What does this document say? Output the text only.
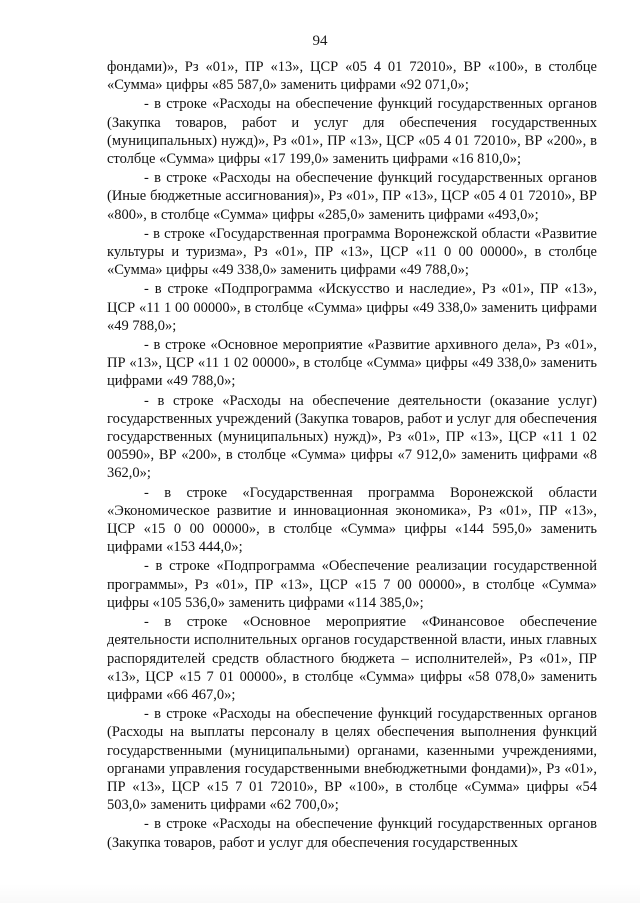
94

фондами)», Рз «01», ПР «13», ЦСР «05 4 01 72010», ВР «100», в столбце «Сумма» цифры «85 587,0» заменить цифрами «92 071,0»;

- в строке «Расходы на обеспечение функций государственных органов (Закупка товаров, работ и услуг для обеспечения государственных (муниципальных) нужд)», Рз «01», ПР «13», ЦСР «05 4 01 72010», ВР «200», в столбце «Сумма» цифры «17 199,0» заменить цифрами «16 810,0»;

- в строке «Расходы на обеспечение функций государственных органов (Иные бюджетные ассигнования)», Рз «01», ПР «13», ЦСР «05 4 01 72010», ВР «800», в столбце «Сумма» цифры «285,0» заменить цифрами «493,0»;

- в строке «Государственная программа Воронежской области «Развитие культуры и туризма», Рз «01», ПР «13», ЦСР «11 0 00 00000», в столбце «Сумма» цифры «49 338,0» заменить цифрами «49 788,0»;

- в строке «Подпрограмма «Искусство и наследие», Рз «01», ПР «13», ЦСР «11 1 00 00000», в столбце «Сумма» цифры «49 338,0» заменить цифрами «49 788,0»;

- в строке «Основное мероприятие «Развитие архивного дела», Рз «01», ПР «13», ЦСР «11 1 02 00000», в столбце «Сумма» цифры «49 338,0» заменить цифрами «49 788,0»;

- в строке «Расходы на обеспечение деятельности (оказание услуг) государственных учреждений (Закупка товаров, работ и услуг для обеспечения государственных (муниципальных) нужд)», Рз «01», ПР «13», ЦСР «11 1 02 00590», ВР «200», в столбце «Сумма» цифры «7 912,0» заменить цифрами «8 362,0»;

- в строке «Государственная программа Воронежской области «Экономическое развитие и инновационная экономика», Рз «01», ПР «13», ЦСР «15 0 00 00000», в столбце «Сумма» цифры «144 595,0» заменить цифрами «153 444,0»;

- в строке «Подпрограмма «Обеспечение реализации государственной программы», Рз «01», ПР «13», ЦСР «15 7 00 00000», в столбце «Сумма» цифры «105 536,0» заменить цифрами «114 385,0»;

- в строке «Основное мероприятие «Финансовое обеспечение деятельности исполнительных органов государственной власти, иных главных распорядителей средств областного бюджета – исполнителей», Рз «01», ПР «13», ЦСР «15 7 01 00000», в столбце «Сумма» цифры «58 078,0» заменить цифрами «66 467,0»;

- в строке «Расходы на обеспечение функций государственных органов (Расходы на выплаты персоналу в целях обеспечения выполнения функций государственными (муниципальными) органами, казенными учреждениями, органами управления государственными внебюджетными фондами)», Рз «01», ПР «13», ЦСР «15 7 01 72010», ВР «100», в столбце «Сумма» цифры «54 503,0» заменить цифрами «62 700,0»;

- в строке «Расходы на обеспечение функций государственных органов (Закупка товаров, работ и услуг для обеспечения государственных
